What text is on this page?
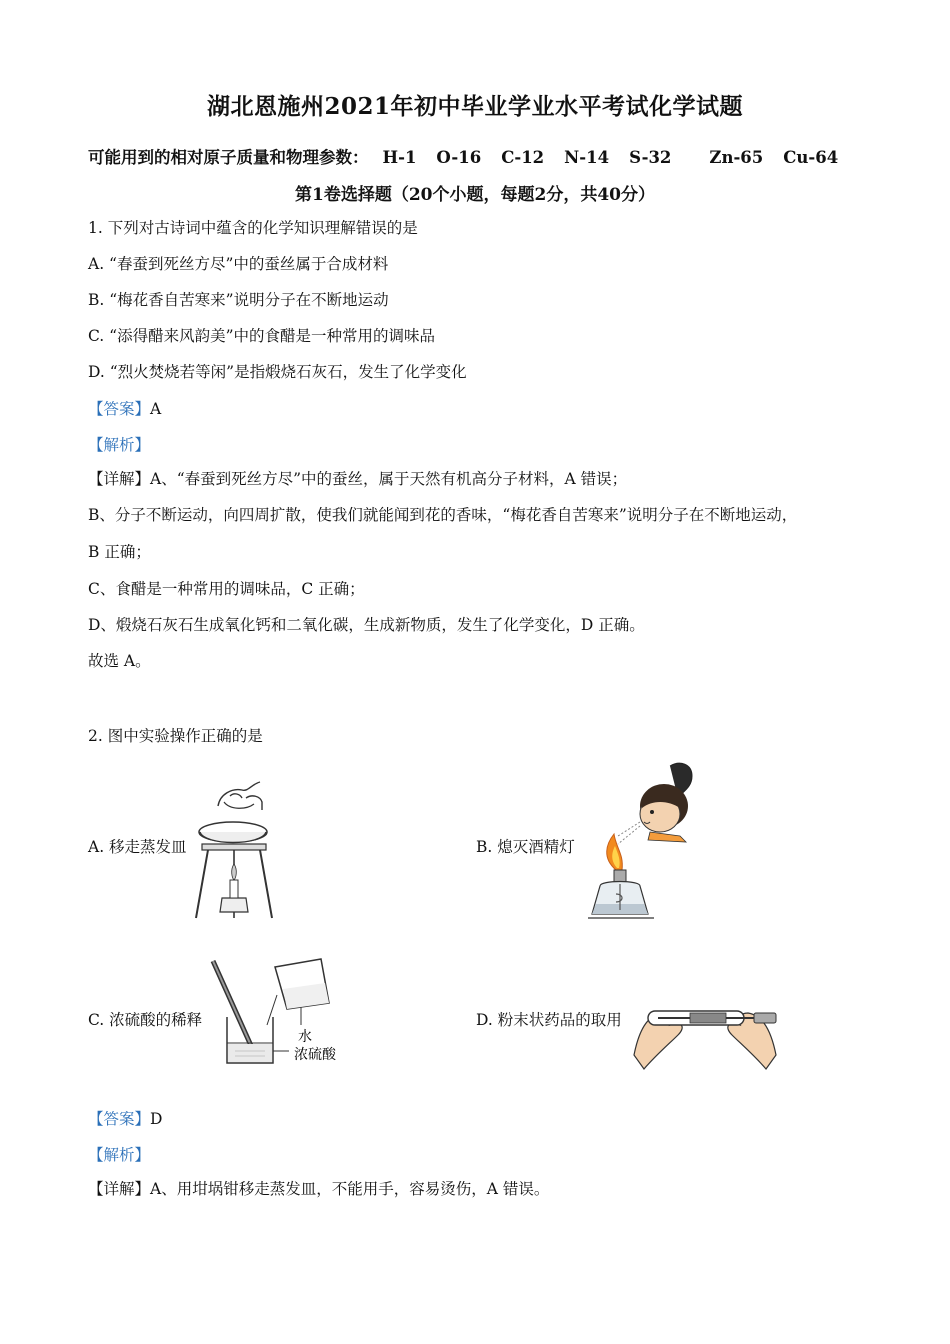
湖北恩施州2021年初中毕业学业水平考试化学试题
可能用到的相对原子质量和物理参数： H-1 O-16 C-12 N-14 S-32 Zn-65 Cu-64
第1卷选择题（20个小题，每题2分，共40分）
1. 下列对古诗词中蕴含的化学知识理解错误的是
A. “春蚕到死丝方尽”中的蚕丝属于合成材料
B. “梅花香自苦寒来”说明分子在不断地运动
C. “添得醋来风韵美”中的食醋是一种常用的调味品
D. “烈火焚烧若等闲”是指煅烧石灰石，发生了化学变化
【答案】A
【解析】
【详解】A、“春蚕到死丝方尽”中的蚕丝，属于天然有机高分子材料，A 错误；
B、分子不断运动，向四周扩散，使我们就能闻到花的香味，“梅花香自苦寒来”说明分子在不断地运动，
B 正确；
C、食醋是一种常用的调味品，C 正确；
D、煅烧石灰石生成氧化钙和二氧化碳，生成新物质，发生了化学变化，D 正确。
故选 A。
2. 图中实验操作正确的是
A. 移走蒸发皿	B. 熄灭酒精灯
C. 浓硫酸的稀释	D. 粉末状药品的取用
水
浓硫酸
【答案】D
【解析】
【详解】A、用坩埚钳移走蒸发皿，不能用手，容易烫伤，A 错误。
